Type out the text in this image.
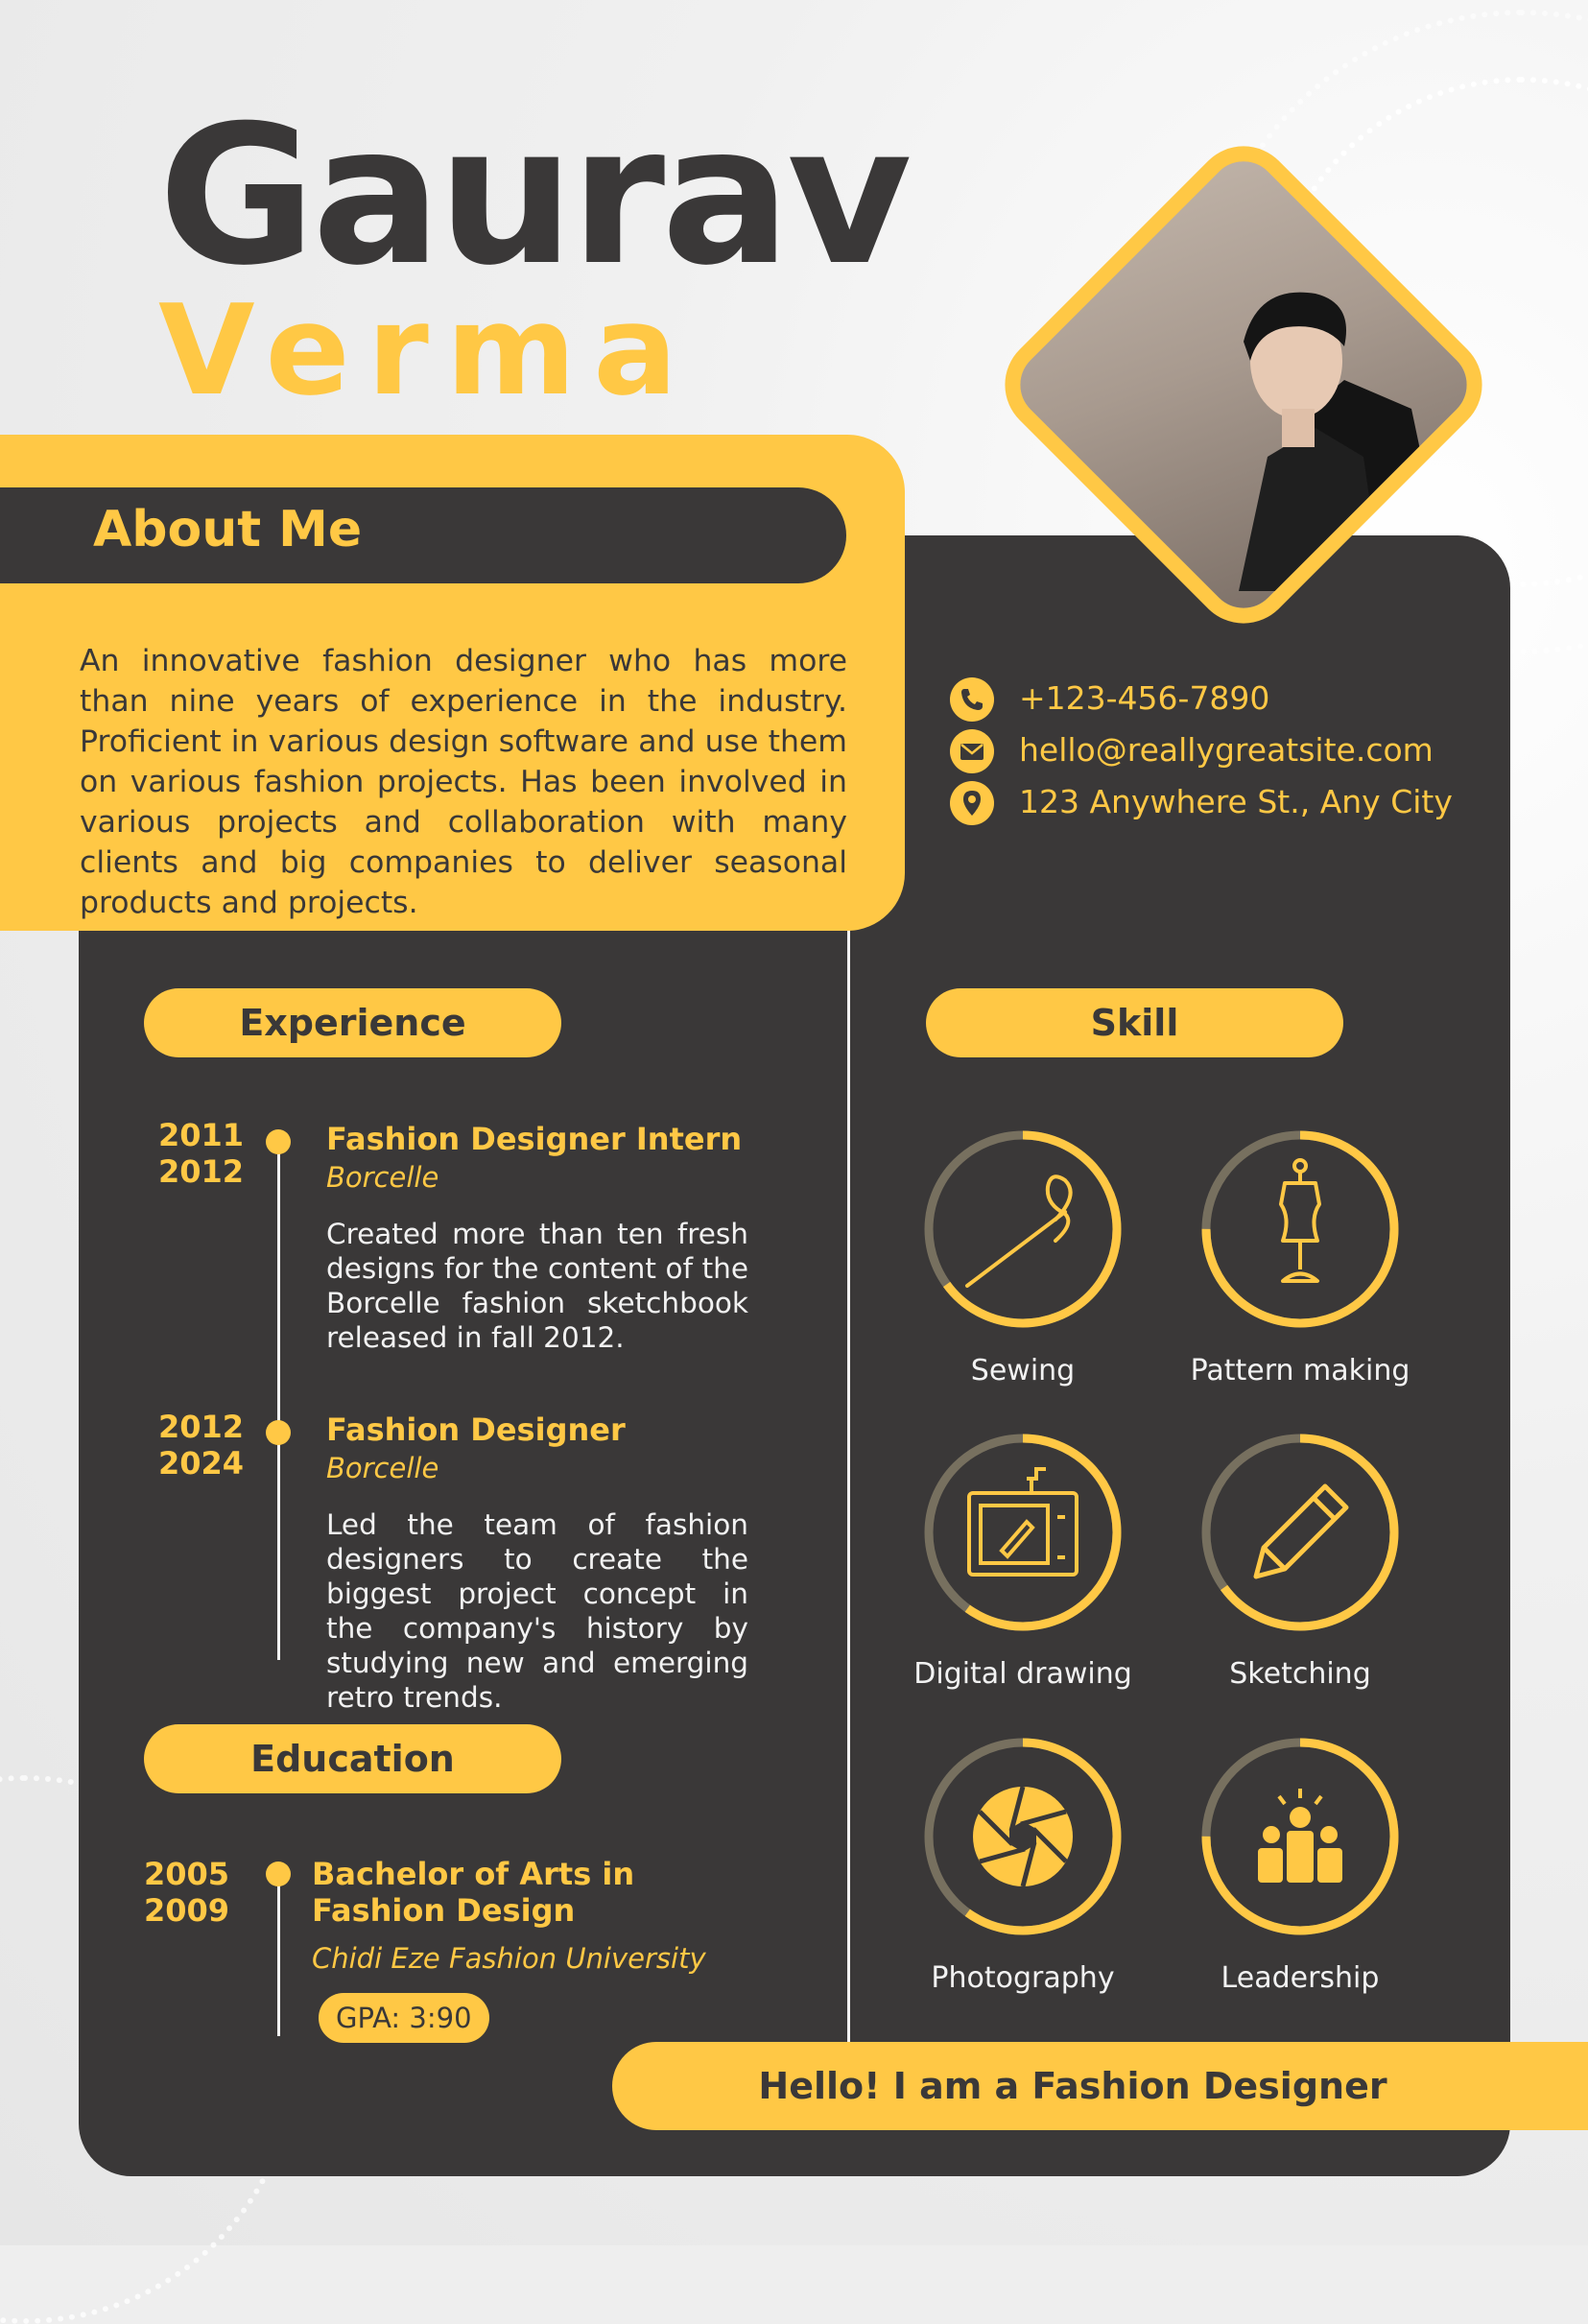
Gaurav
Verma
About Me
An innovative fashion designer who has more than nine years of experience in the industry. Proficient in various design software and use them on various fashion projects. Has been involved in various projects and collaboration with many clients and big companies to deliver seasonal products and projects.
+123-456-7890
hello@reallygreatsite.com
123 Anywhere St., Any City
Experience
2011
2012
Fashion Designer Intern
Borcelle
Created more than ten fresh designs for the content of the Borcelle fashion sketchbook released in fall 2012.
2012
2024
Fashion Designer
Borcelle
Led the team of fashion designers to create the biggest project concept in the company's history by studying new and emerging retro trends.
Education
2005
2009
Bachelor of Arts in Fashion Design
Chidi Eze Fashion University
GPA: 3:90
Skill
Sewing	Pattern making
Digital drawing	Sketching
Photography	Leadership
Hello! I am a Fashion Designer
